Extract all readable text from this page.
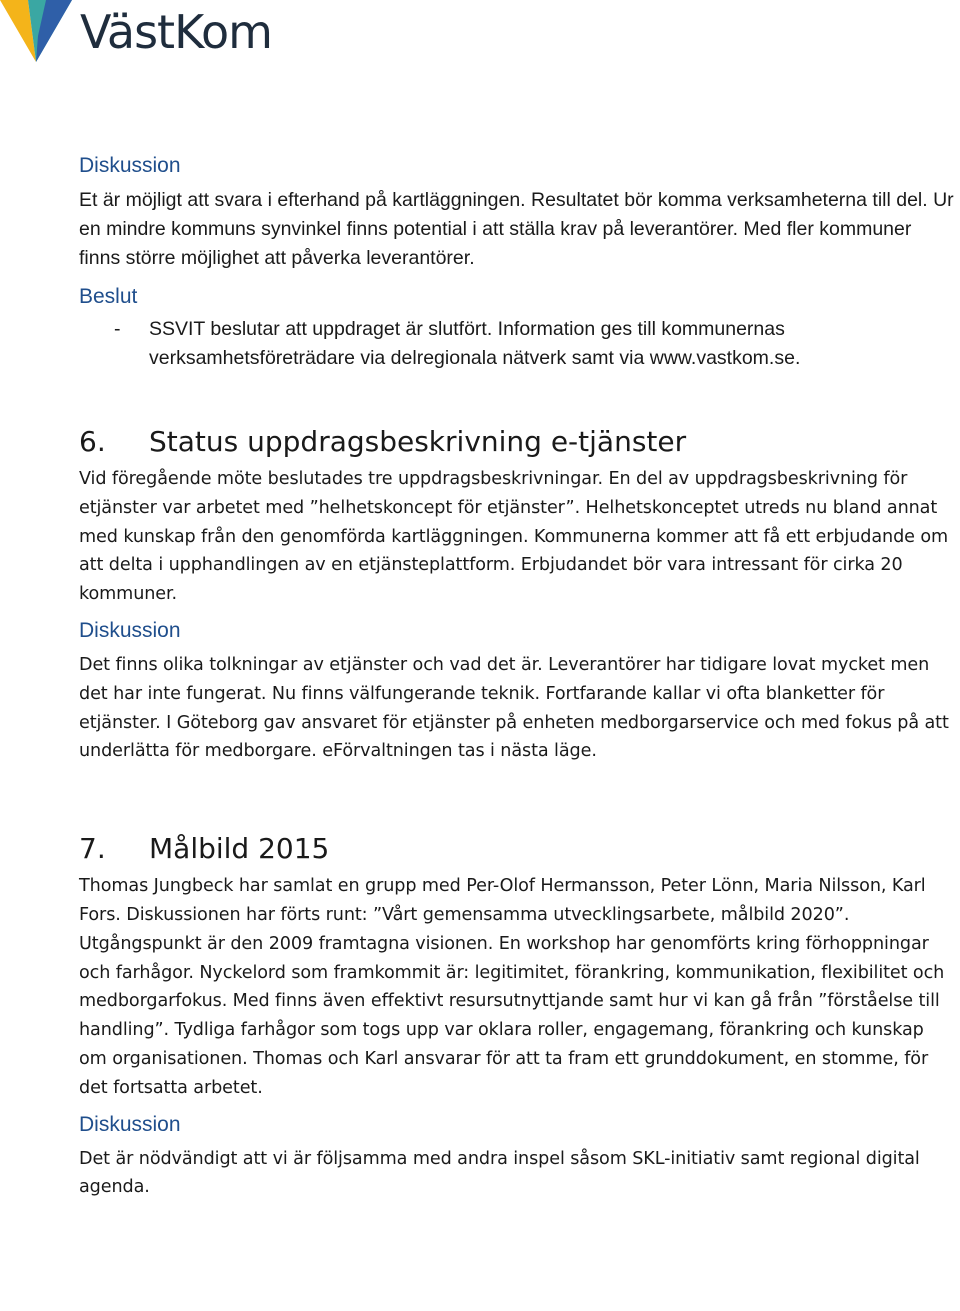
VästKom
Diskussion

Et är möjligt att svara i efterhand på kartläggningen. Resultatet bör komma verksamheterna till del. Ur en mindre kommuns synvinkel finns potential i att ställa krav på leverantörer. Med fler kommuner finns större möjlighet att påverka leverantörer.

Beslut
-	SSVIT beslutar att uppdraget är slutfört. Information ges till kommunernas verksamhetsföreträdare via delregionala nätverk samt via www.vastkom.se.
6.	Status uppdragsbeskrivning e-tjänster

Vid föregående möte beslutades tre uppdragsbeskrivningar. En del av uppdragsbeskrivning för etjänster var arbetet med ”helhetskoncept för etjänster”. Helhetskonceptet utreds nu bland annat med kunskap från den genomförda kartläggningen. Kommunerna kommer att få ett erbjudande om att delta i upphandlingen av en etjänsteplattform. Erbjudandet bör vara intressant för cirka 20 kommuner.

Diskussion

Det finns olika tolkningar av etjänster och vad det är. Leverantörer har tidigare lovat mycket men det har inte fungerat. Nu finns välfungerande teknik. Fortfarande kallar vi ofta blanketter för etjänster. I Göteborg gav ansvaret för etjänster på enheten medborgarservice och med fokus på att underlätta för medborgare. eFörvaltningen tas i nästa läge.

7.	Målbild 2015

Thomas Jungbeck har samlat en grupp med Per-Olof Hermansson, Peter Lönn, Maria Nilsson, Karl Fors. Diskussionen har förts runt: ”Vårt gemensamma utvecklingsarbete, målbild 2020”. Utgångspunkt är den 2009 framtagna visionen. En workshop har genomförts kring förhoppningar och farhågor. Nyckelord som framkommit är: legitimitet, förankring, kommunikation, flexibilitet och medborgarfokus. Med finns även effektivt resursutnyttjande samt hur vi kan gå från ”förståelse till handling”. Tydliga farhågor som togs upp var oklara roller, engagemang, förankring och kunskap om organisationen. Thomas och Karl ansvarar för att ta fram ett grunddokument, en stomme, för det fortsatta arbetet.

Diskussion

Det är nödvändigt att vi är följsamma med andra inspel såsom SKL-initiativ samt regional digital agenda.
